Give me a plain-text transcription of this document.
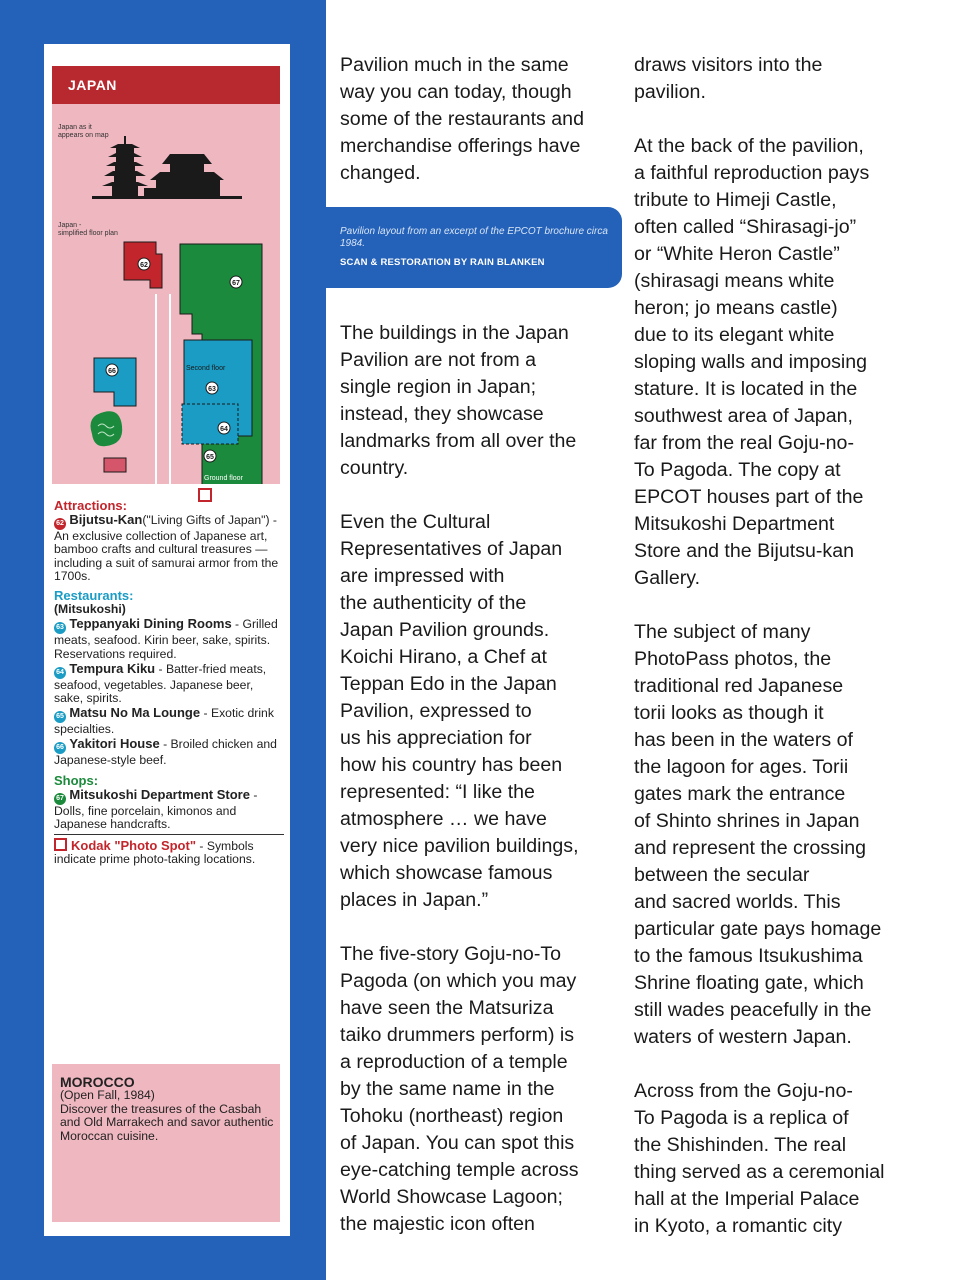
JAPAN
Japan as it
appears on map
Japan -
simplified floor plan
62
67
66
63
64
65
Second floor
Ground floor

Attractions:

62 Bijutsu-Kan("Living Gifts of Japan") - An exclusive collection of Japanese art, bamboo crafts and cultural treasures — including a suit of samurai armor from the 1700s.

Restaurants:

(Mitsukoshi)

63 Teppanyaki Dining Rooms - Grilled meats, seafood. Kirin beer, sake, spirits. Reservations required.

64 Tempura Kiku - Batter-fried meats, seafood, vegetables. Japanese beer, sake, spirits.

65 Matsu No Ma Lounge - Exotic drink specialties.

66 Yakitori House - Broiled chicken and Japanese-style beef.

Shops:

67 Mitsukoshi Department Store - Dolls, fine porcelain, kimonos and Japanese handcrafts.

Kodak "Photo Spot" - Symbols indicate prime photo-taking locations.

MOROCCO
(Open Fall, 1984)
Discover the treasures of the Casbah and Old Marrakech and savor authentic Moroccan cuisine.
Pavilion layout from an excerpt of the EPCOT brochure circa 1984.
SCAN & RESTORATION BY RAIN BLANKEN

Pavilion much in the same
way you can today, though
some of the restaurants and
merchandise offerings have
changed.

The buildings in the Japan
Pavilion are not from a
single region in Japan;
instead, they showcase
landmarks from all over the
country.

Even the Cultural
Representatives of Japan
are impressed with
the authenticity of the
Japan Pavilion grounds.
Koichi Hirano, a Chef at
Teppan Edo in the Japan
Pavilion, expressed to
us his appreciation for
how his country has been
represented: “I like the
atmosphere … we have
very nice pavilion buildings,
which showcase famous
places in Japan.”

The five-story Goju-no-To
Pagoda (on which you may
have seen the Matsuriza
taiko drummers perform) is
a reproduction of a temple
by the same name in the
Tohoku (northeast) region
of Japan. You can spot this
eye-catching temple across
World Showcase Lagoon;
the majestic icon often

draws visitors into the
pavilion.

At the back of the pavilion,
a faithful reproduction pays
tribute to Himeji Castle,
often called “Shirasagi-jo”
or “White Heron Castle”
(shirasagi means white
heron; jo means castle)
due to its elegant white
sloping walls and imposing
stature. It is located in the
southwest area of Japan,
far from the real Goju-no-
To Pagoda. The copy at
EPCOT houses part of the
Mitsukoshi Department
Store and the Bijutsu-kan
Gallery.

The subject of many
PhotoPass photos, the
traditional red Japanese
torii looks as though it
has been in the waters of
the lagoon for ages. Torii
gates mark the entrance
of Shinto shrines in Japan
and represent the crossing
between the secular
and sacred worlds. This
particular gate pays homage
to the famous Itsukushima
Shrine floating gate, which
still wades peacefully in the
waters of western Japan.

Across from the Goju-no-
To Pagoda is a replica of
the Shishinden. The real
thing served as a ceremonial
hall at the Imperial Palace
in Kyoto, a romantic city
